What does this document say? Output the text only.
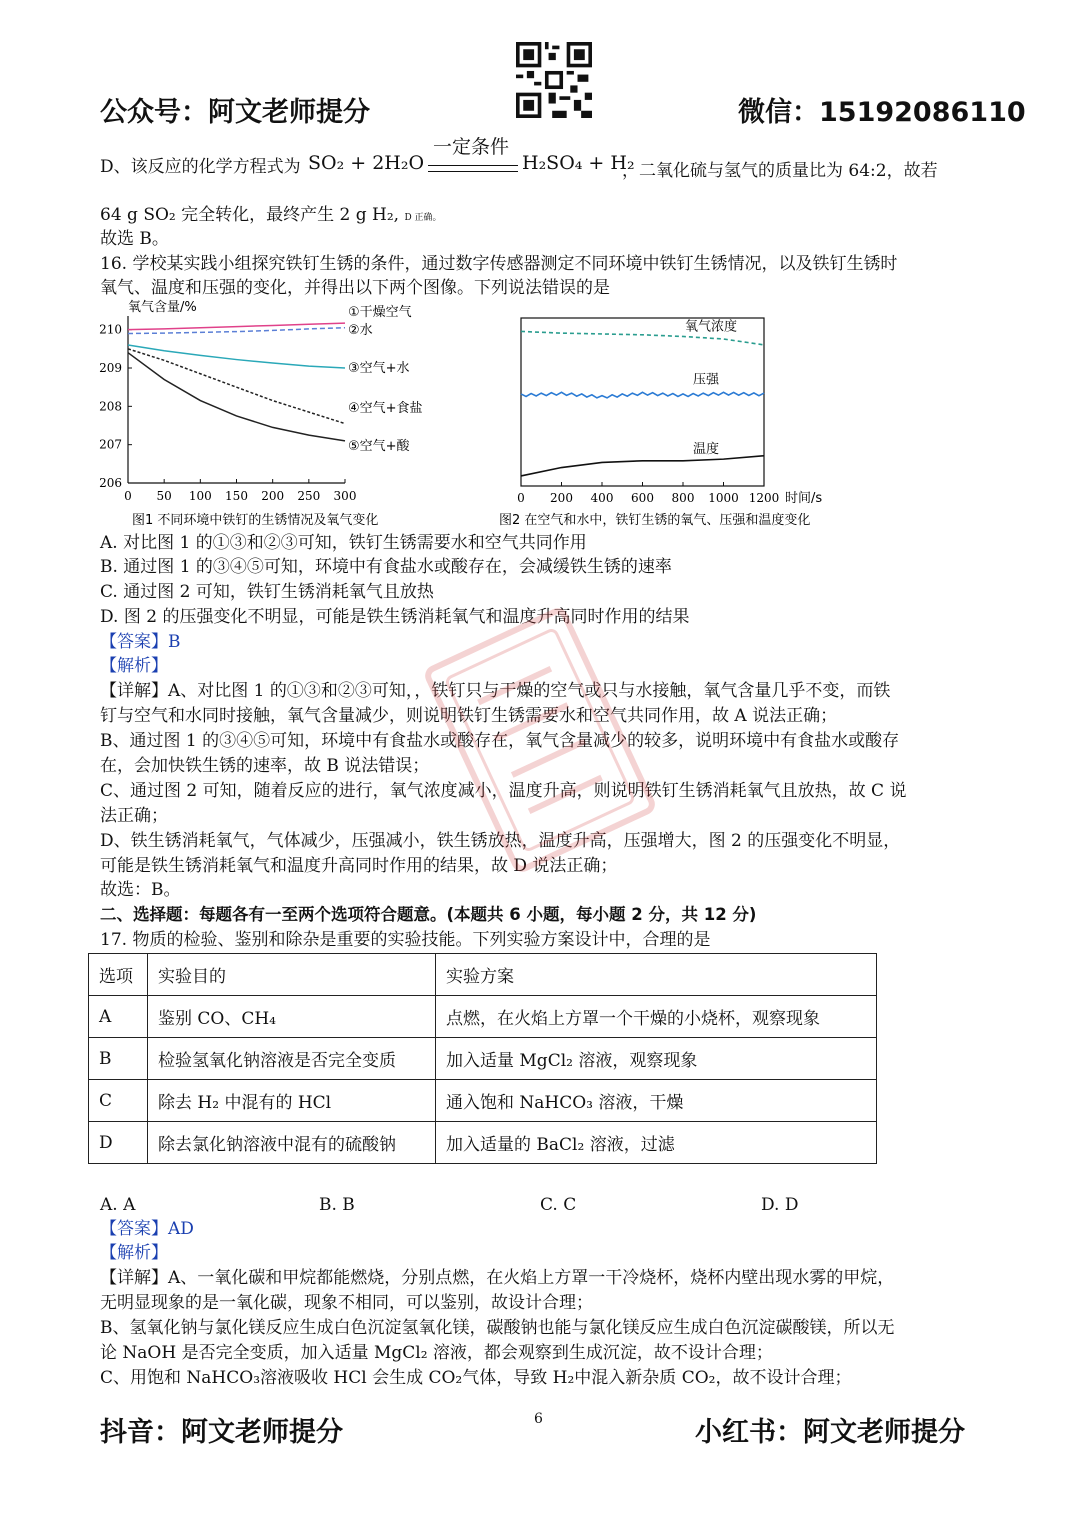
公众号：阿文老师提分	微信：15192086110
D、该反应的化学方程式为 SO₂ + 2H₂O
一定条件
H₂SO₄ + H₂
，二氧化硫与氢气的质量比为 64:2，故若
64 g SO₂ 完全转化，最终产生 2 g H₂, D 正确。
故选 B。
16. 学校某实践小组探究铁钉生锈的条件，通过数字传感器测定不同环境中铁钉生锈情况，以及铁钉生锈时
氧气、温度和压强的变化，并得出以下两个图像。下列说法错误的是
氧气含量/%
210
209
208
207
206
0 50 100 150 200 250 300
①干燥空气
②水
③空气+水
④空气+食盐
⑤空气+酸
图1 不同环境中铁钉的生锈情况及氧气变化
0 200 400 600 800 1000 1200 时间/s
氧气浓度
压强
温度
图2 在空气和水中，铁钉生锈的氧气、压强和温度变化
A. 对比图 1 的①③和②③可知，铁钉生锈需要水和空气共同作用
B. 通过图 1 的③④⑤可知，环境中有食盐水或酸存在，会减缓铁生锈的速率
C. 通过图 2 可知，铁钉生锈消耗氧气且放热
D. 图 2 的压强变化不明显，可能是铁生锈消耗氧气和温度升高同时作用的结果
【答案】B
【解析】
【详解】A、对比图 1 的①③和②③可知，，铁钉只与干燥的空气或只与水接触，氧气含量几乎不变，而铁
钉与空气和水同时接触，氧气含量减少，则说明铁钉生锈需要水和空气共同作用，故 A 说法正确；
B、通过图 1 的③④⑤可知，环境中有食盐水或酸存在，氧气含量减少的较多，说明环境中有食盐水或酸存
在，会加快铁生锈的速率，故 B 说法错误；
C、通过图 2 可知，随着反应的进行，氧气浓度减小，温度升高，则说明铁钉生锈消耗氧气且放热，故 C 说
法正确；
D、铁生锈消耗氧气，气体减少，压强减小，铁生锈放热，温度升高，压强增大，图 2 的压强变化不明显，
可能是铁生锈消耗氧气和温度升高同时作用的结果，故 D 说法正确；
故选：B。
二、选择题：每题各有一至两个选项符合题意。(本题共 6 小题，每小题 2 分，共 12 分)
17. 物质的检验、鉴别和除杂是重要的实验技能。下列实验方案设计中，合理的是
选项	实验目的	实验方案
A	鉴别 CO、CH₄	点燃，在火焰上方罩一个干燥的小烧杯，观察现象
B	检验氢氧化钠溶液是否完全变质	加入适量 MgCl₂ 溶液，观察现象
C	除去 H₂ 中混有的 HCl	通入饱和 NaHCO₃ 溶液，干燥
D	除去氯化钠溶液中混有的硫酸钠	加入适量的 BaCl₂ 溶液，过滤
A. A	B. B	C. C	D. D
【答案】AD
【解析】
【详解】A、一氧化碳和甲烷都能燃烧，分别点燃，在火焰上方罩一干冷烧杯，烧杯内壁出现水雾的甲烷，
无明显现象的是一氧化碳，现象不相同，可以鉴别，故设计合理；
B、氢氧化钠与氯化镁反应生成白色沉淀氢氧化镁，碳酸钠也能与氯化镁反应生成白色沉淀碳酸镁，所以无
论 NaOH 是否完全变质，加入适量 MgCl₂ 溶液，都会观察到生成沉淀，故不设计合理；
C、用饱和 NaHCO₃溶液吸收 HCl 会生成 CO₂气体，导致 H₂中混入新杂质 CO₂，故不设计合理；
抖音：阿文老师提分	6	小红书：阿文老师提分
